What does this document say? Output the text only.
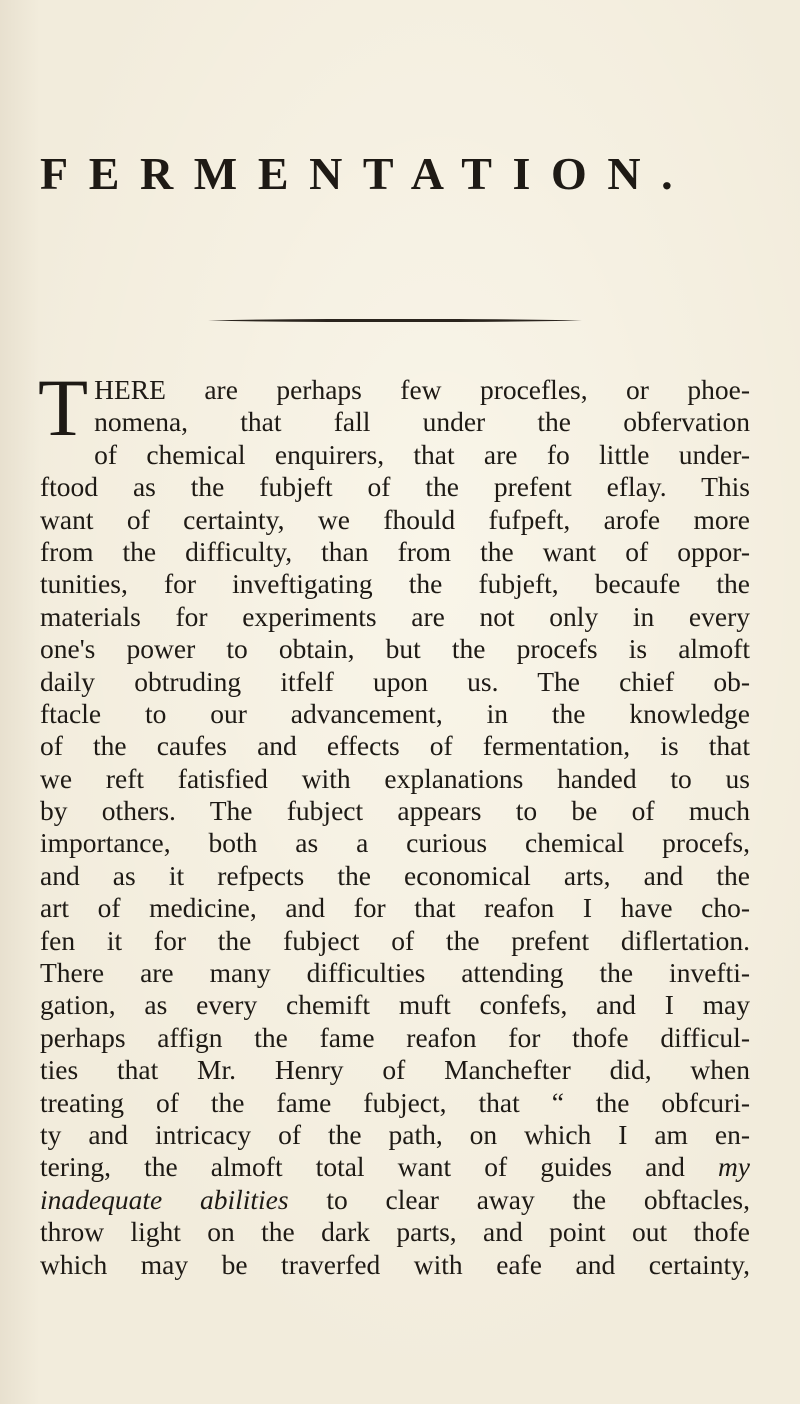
FERMENTATION.
T HERE are perhaps few procefles, or phoe-
nomena, that fall under the obfervation
of chemical enquirers, that are fo little under-
ftood as the fubjeft of the prefent eflay. This
want of certainty, we fhould fufpeft, arofe more
from the difficulty, than from the want of oppor-
tunities, for inveftigating the fubjeft, becaufe the
materials for experiments are not only in every
one's power to obtain, but the procefs is almoft
daily obtruding itfelf upon us. The chief ob-
ftacle to our advancement, in the knowledge
of the caufes and effects of fermentation, is that
we reft fatisfied with explanations handed to us
by others. The fubject appears to be of much
importance, both as a curious chemical procefs,
and as it refpects the economical arts, and the
art of medicine, and for that reafon I have cho-
fen it for the fubject of the prefent diflertation.
There are many difficulties attending the invefti-
gation, as every chemift muft confefs, and I may
perhaps affign the fame reafon for thofe difficul-
ties that Mr. Henry of Manchefter did, when
treating of the fame fubject, that “ the obfcuri-
ty and intricacy of the path, on which I am en-
tering, the almoft total want of guides and my
inadequate abilities to clear away the obftacles,
throw light on the dark parts, and point out thofe
which may be traverfed with eafe and certainty,
